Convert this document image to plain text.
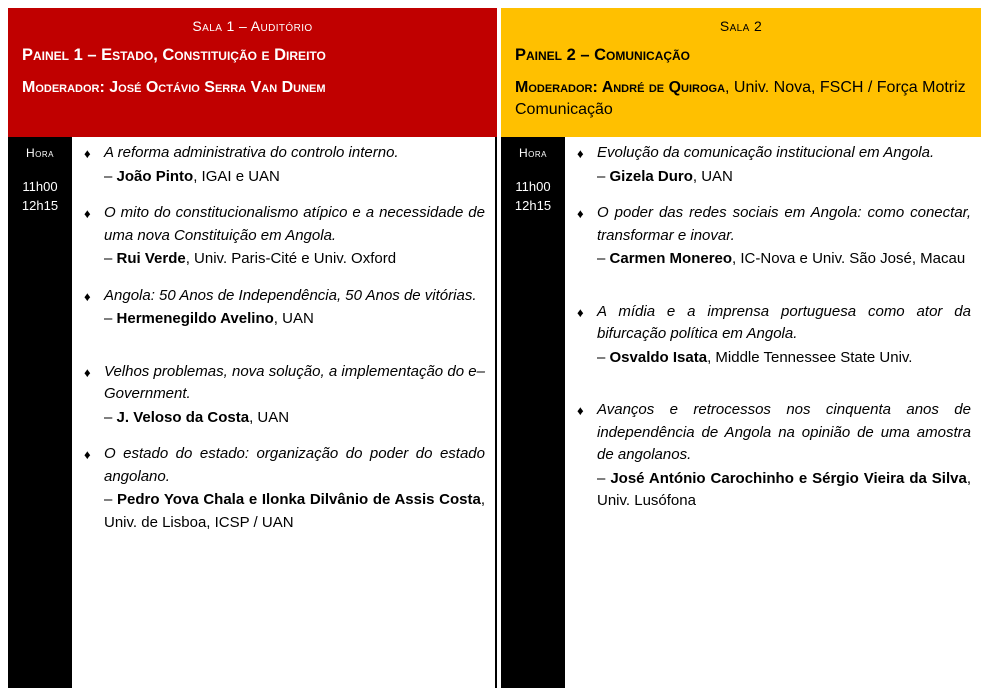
Sala 1 – Auditório
Painel 1 – Estado, Constituição e Direito
Moderador: José Octávio Serra Van Dunem
Hora
11h00
12h15
♦ A reforma administrativa do controlo interno.
– João Pinto, IGAI e UAN
♦ O mito do constitucionalismo atípico e a necessidade de uma nova Constituição em Angola.
– Rui Verde, Univ. Paris-Cité e Univ. Oxford
♦ Angola: 50 Anos de Independência, 50 Anos de vitórias.
– Hermenegildo Avelino, UAN
♦ Velhos problemas, nova solução, a implementação do e–Government.
– J. Veloso da Costa, UAN
♦ O estado do estado: organização do poder do estado angolano.
– Pedro Yova Chala e Ilonka Dilvânio de Assis Costa, Univ. de Lisboa, ICSP / UAN
Sala 2
Painel 2 – Comunicação
Moderador: André de Quiroga, Univ. Nova, FSCH / Força Motriz Comunicação
Hora
11h00
12h15
♦ Evolução da comunicação institucional em Angola.
– Gizela Duro, UAN
♦ O poder das redes sociais em Angola: como conectar, transformar e inovar.
– Carmen Monereo, IC-Nova e Univ. São José, Macau
♦ A mídia e a imprensa portuguesa como ator da bifurcação política em Angola.
– Osvaldo Isata, Middle Tennessee State Univ.
♦ Avanços e retrocessos nos cinquenta anos de independência de Angola na opinião de uma amostra de angolanos.
– José António Carochinho e Sérgio Vieira da Silva, Univ. Lusófona
